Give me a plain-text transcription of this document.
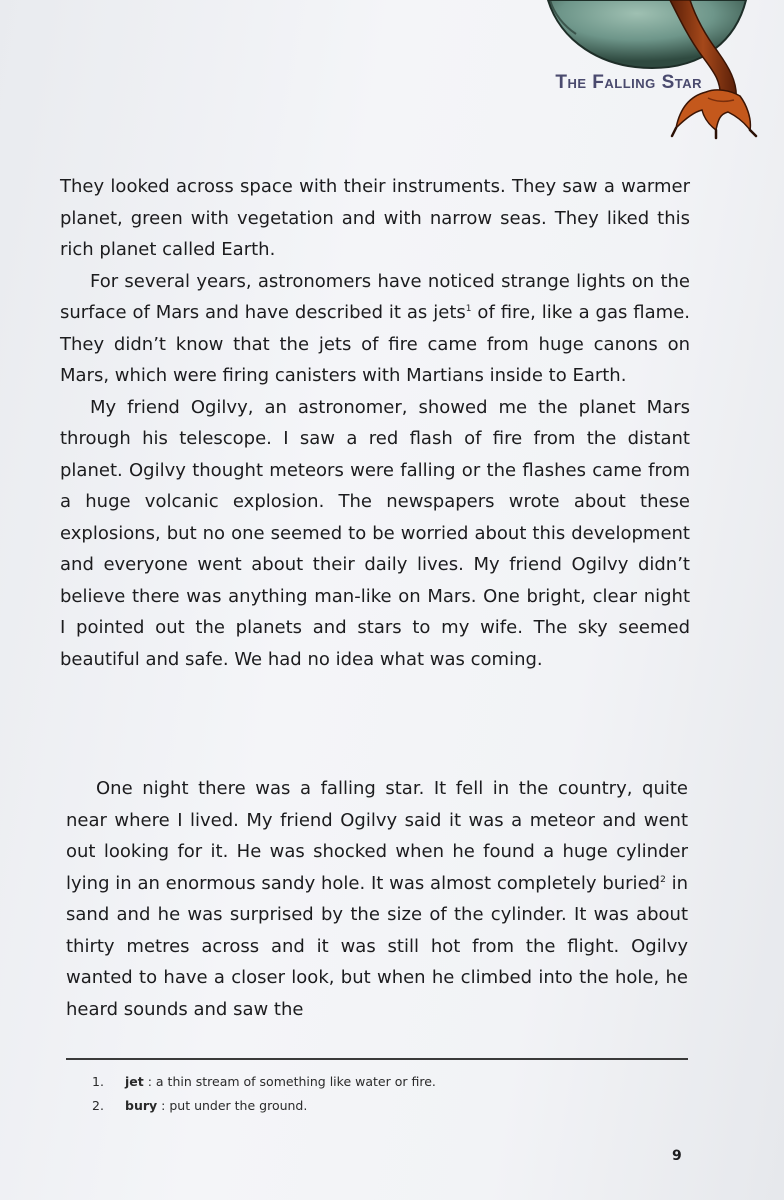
The Falling Star

They looked across space with their instruments. They saw a warmer planet, green with vegetation and with narrow seas. They liked this rich planet called Earth.

For several years, astronomers have noticed strange lights on the surface of Mars and have described it as jets$^1$ of fire, like a gas flame. They didn’t know that the jets of fire came from huge canons on Mars, which were firing canisters with Martians inside to Earth.

My friend Ogilvy, an astronomer, showed me the planet Mars through his telescope. I saw a red flash of fire from the distant planet. Ogilvy thought meteors were falling or the flashes came from a huge volcanic explosion. The newspapers wrote about these explosions, but no one seemed to be worried about this development and everyone went about their daily lives. My friend Ogilvy didn’t believe there was anything man-like on Mars. One bright, clear night I pointed out the planets and stars to my wife. The sky seemed beautiful and safe. We had no idea what was coming.

One night there was a falling star. It fell in the country, quite near where I lived. My friend Ogilvy said it was a meteor and went out looking for it. He was shocked when he found a huge cylinder lying in an enormous sandy hole. It was almost completely buried$^2$ in sand and he was surprised by the size of the cylinder. It was about thirty metres across and it was still hot from the flight. Ogilvy wanted to have a closer look, but when he climbed into the hole, he heard sounds and saw the

1.	jet : a thin stream of something like water or fire.
2.	bury : put under the ground.
9
